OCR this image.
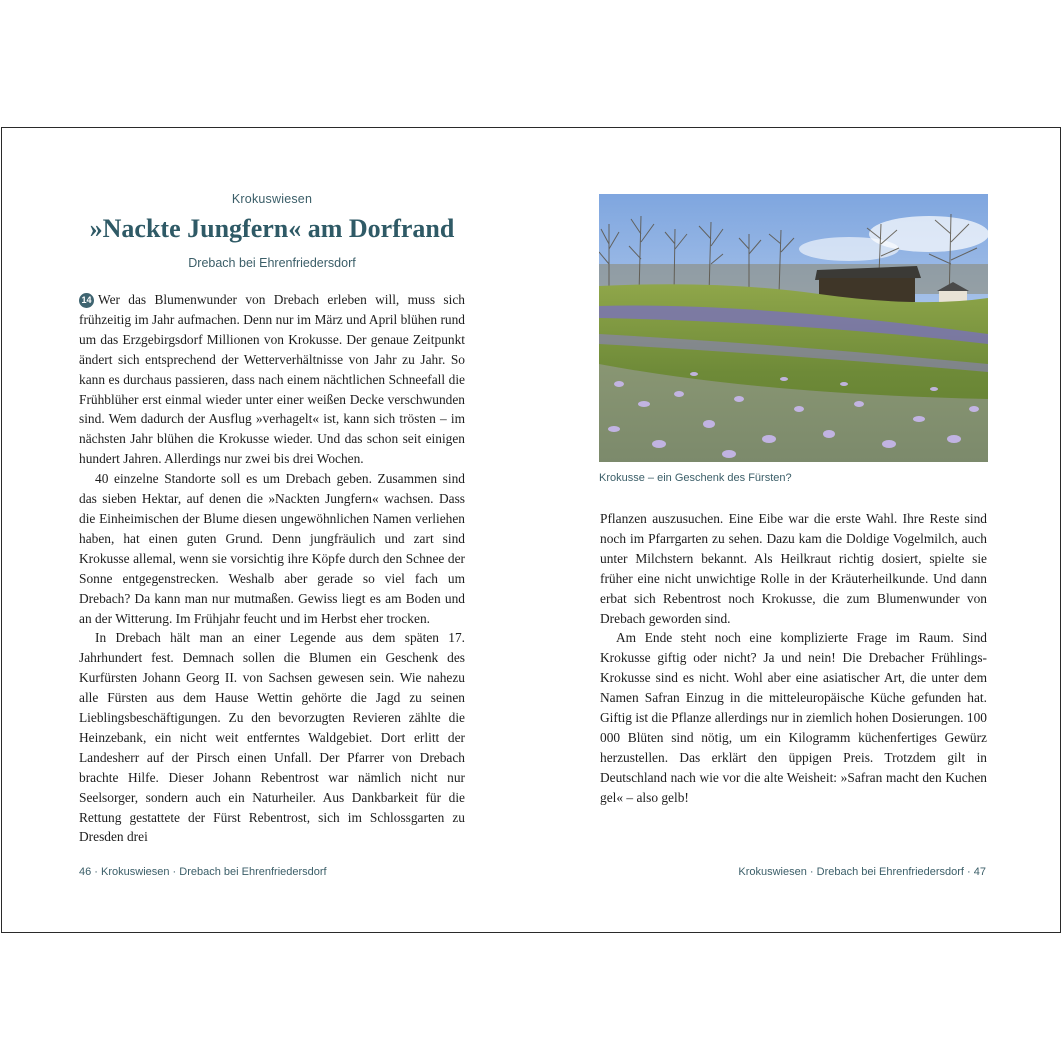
Krokuswiesen
»Nackte Jungfern« am Dorfrand
Drebach bei Ehrenfriedersdorf

14 Wer das Blumenwunder von Drebach erleben will, muss sich frühzeitig im Jahr aufmachen. Denn nur im März und April blühen rund um das Erzgebirgsdorf Millionen von Krokusse. Der genaue Zeitpunkt ändert sich entsprechend der Wetterverhältnisse von Jahr zu Jahr. So kann es durchaus passieren, dass nach einem nächtlichen Schneefall die Frühblüher erst einmal wieder unter einer weißen Decke verschwunden sind. Wem dadurch der Ausflug »verhagelt« ist, kann sich trösten – im nächsten Jahr blühen die Krokusse wieder. Und das schon seit einigen hundert Jahren. Allerdings nur zwei bis drei Wochen.

40 einzelne Standorte soll es um Drebach geben. Zusammen sind das sieben Hektar, auf denen die »Nackten Jungfern« wachsen. Dass die Einheimischen der Blume diesen ungewöhnlichen Namen verliehen haben, hat einen guten Grund. Denn jungfräulich und zart sind Krokusse allemal, wenn sie vorsichtig ihre Köpfe durch den Schnee der Sonne entgegenstrecken. Weshalb aber gerade so viel fach um Drebach? Da kann man nur mutmaßen. Gewiss liegt es am Boden und an der Witterung. Im Frühjahr feucht und im Herbst eher trocken.

In Drebach hält man an einer Legende aus dem späten 17. Jahrhundert fest. Demnach sollen die Blumen ein Geschenk des Kurfürsten Johann Georg II. von Sachsen gewesen sein. Wie nahezu alle Fürsten aus dem Hause Wettin gehörte die Jagd zu seinen Lieblingsbeschäftigungen. Zu den bevorzugten Revieren zählte die Heinzebank, ein nicht weit entferntes Waldgebiet. Dort erlitt der Landesherr auf der Pirsch einen Unfall. Der Pfarrer von Drebach brachte Hilfe. Dieser Johann Rebentrost war nämlich nicht nur Seelsorger, sondern auch ein Naturheiler. Aus Dankbarkeit für die Rettung gestattete der Fürst Rebentrost, sich im Schlossgarten zu Dresden drei

46 · Krokuswiesen · Drebach bei Ehrenfriedersdorf
Krokusse – ein Geschenk des Fürsten?

Pflanzen auszusuchen. Eine Eibe war die erste Wahl. Ihre Reste sind noch im Pfarrgarten zu sehen. Dazu kam die Doldige Vogelmilch, auch unter Milchstern bekannt. Als Heilkraut richtig dosiert, spielte sie früher eine nicht unwichtige Rolle in der Kräuterheilkunde. Und dann erbat sich Rebentrost noch Krokusse, die zum Blumenwunder von Drebach geworden sind.

Am Ende steht noch eine komplizierte Frage im Raum. Sind Krokusse giftig oder nicht? Ja und nein! Die Drebacher Frühlings-Krokusse sind es nicht. Wohl aber eine asiatischer Art, die unter dem Namen Safran Einzug in die mitteleuropäische Küche gefunden hat. Giftig ist die Pflanze allerdings nur in ziemlich hohen Dosierungen. 100 000 Blüten sind nötig, um ein Kilogramm küchenfertiges Gewürz herzustellen. Das erklärt den üppigen Preis. Trotzdem gilt in Deutschland nach wie vor die alte Weisheit: »Safran macht den Kuchen gel« – also gelb!

Krokuswiesen · Drebach bei Ehrenfriedersdorf · 47
